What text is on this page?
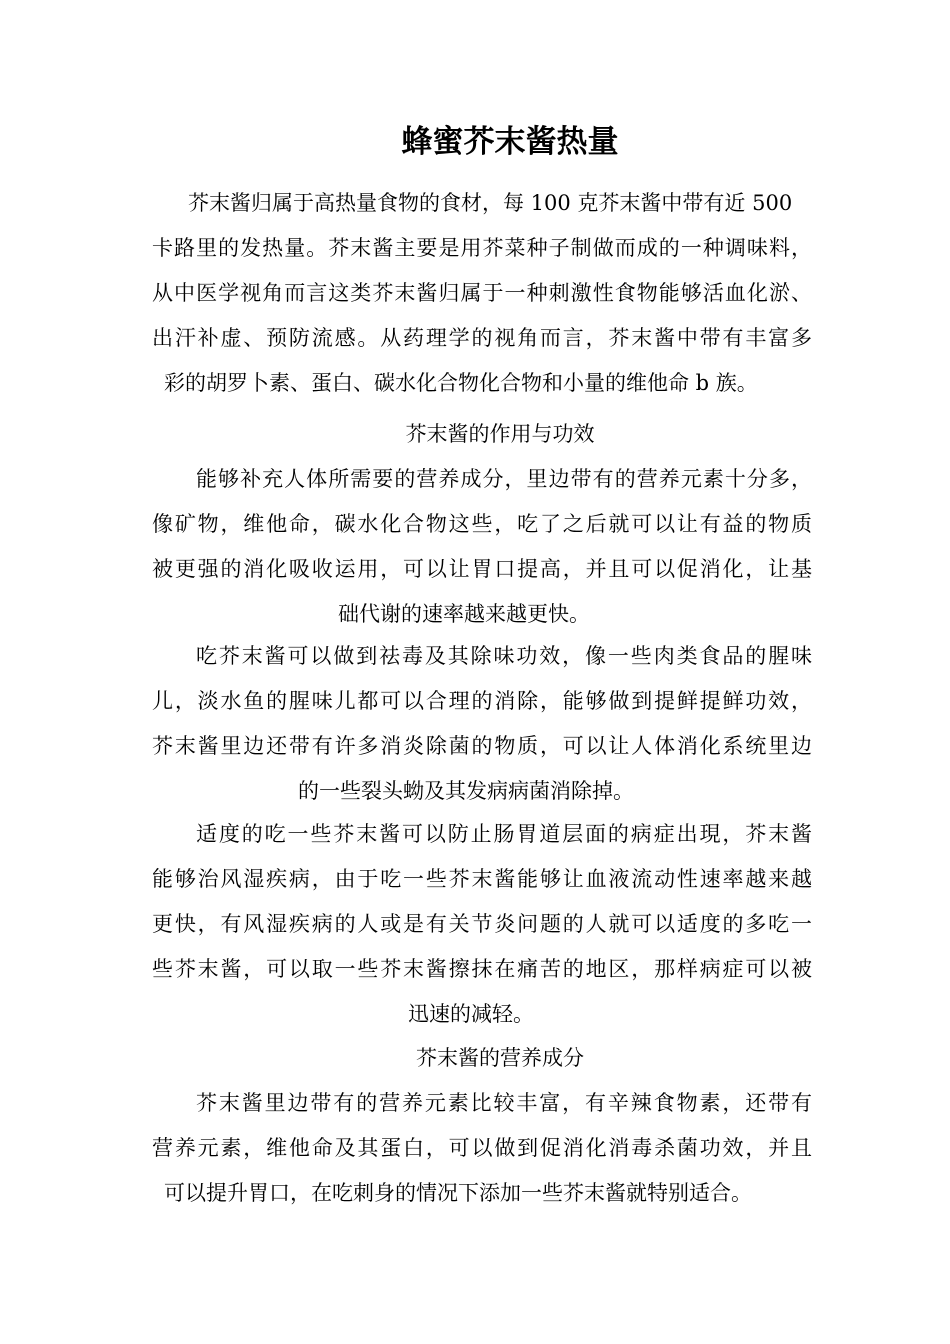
蜂蜜芥末酱热量
芥末酱归属于高热量食物的食材，每 100 克芥末酱中带有近 500
卡路里的发热量。芥末酱主要是用芥菜种子制做而成的一种调味料，
从中医学视角而言这类芥末酱归属于一种刺激性食物能够活血化淤、
出汗补虚、预防流感。从药理学的视角而言，芥末酱中带有丰富多
彩的胡罗卜素、蛋白、碳水化合物化合物和小量的维他命 b 族。
芥末酱的作用与功效
能够补充人体所需要的营养成分，里边带有的营养元素十分多，
像矿物，维他命，碳水化合物这些，吃了之后就可以让有益的物质
被更强的消化吸收运用，可以让胃口提高，并且可以促消化，让基
础代谢的速率越来越更快。
吃芥末酱可以做到祛毒及其除味功效，像一些肉类食品的腥味
儿，淡水鱼的腥味儿都可以合理的消除，能够做到提鲜提鲜功效，
芥末酱里边还带有许多消炎除菌的物质，可以让人体消化系统里边
的一些裂头蚴及其发病病菌消除掉。
适度的吃一些芥末酱可以防止肠胃道层面的病症出現，芥末酱
能够治风湿疾病，由于吃一些芥末酱能够让血液流动性速率越来越
更快，有风湿疾病的人或是有关节炎问题的人就可以适度的多吃一
些芥末酱，可以取一些芥末酱擦抹在痛苦的地区，那样病症可以被
迅速的减轻。
芥末酱的营养成分
芥末酱里边带有的营养元素比较丰富，有辛辣食物素，还带有
营养元素，维他命及其蛋白，可以做到促消化消毒杀菌功效，并且
可以提升胃口，在吃刺身的情况下添加一些芥末酱就特别适合。
